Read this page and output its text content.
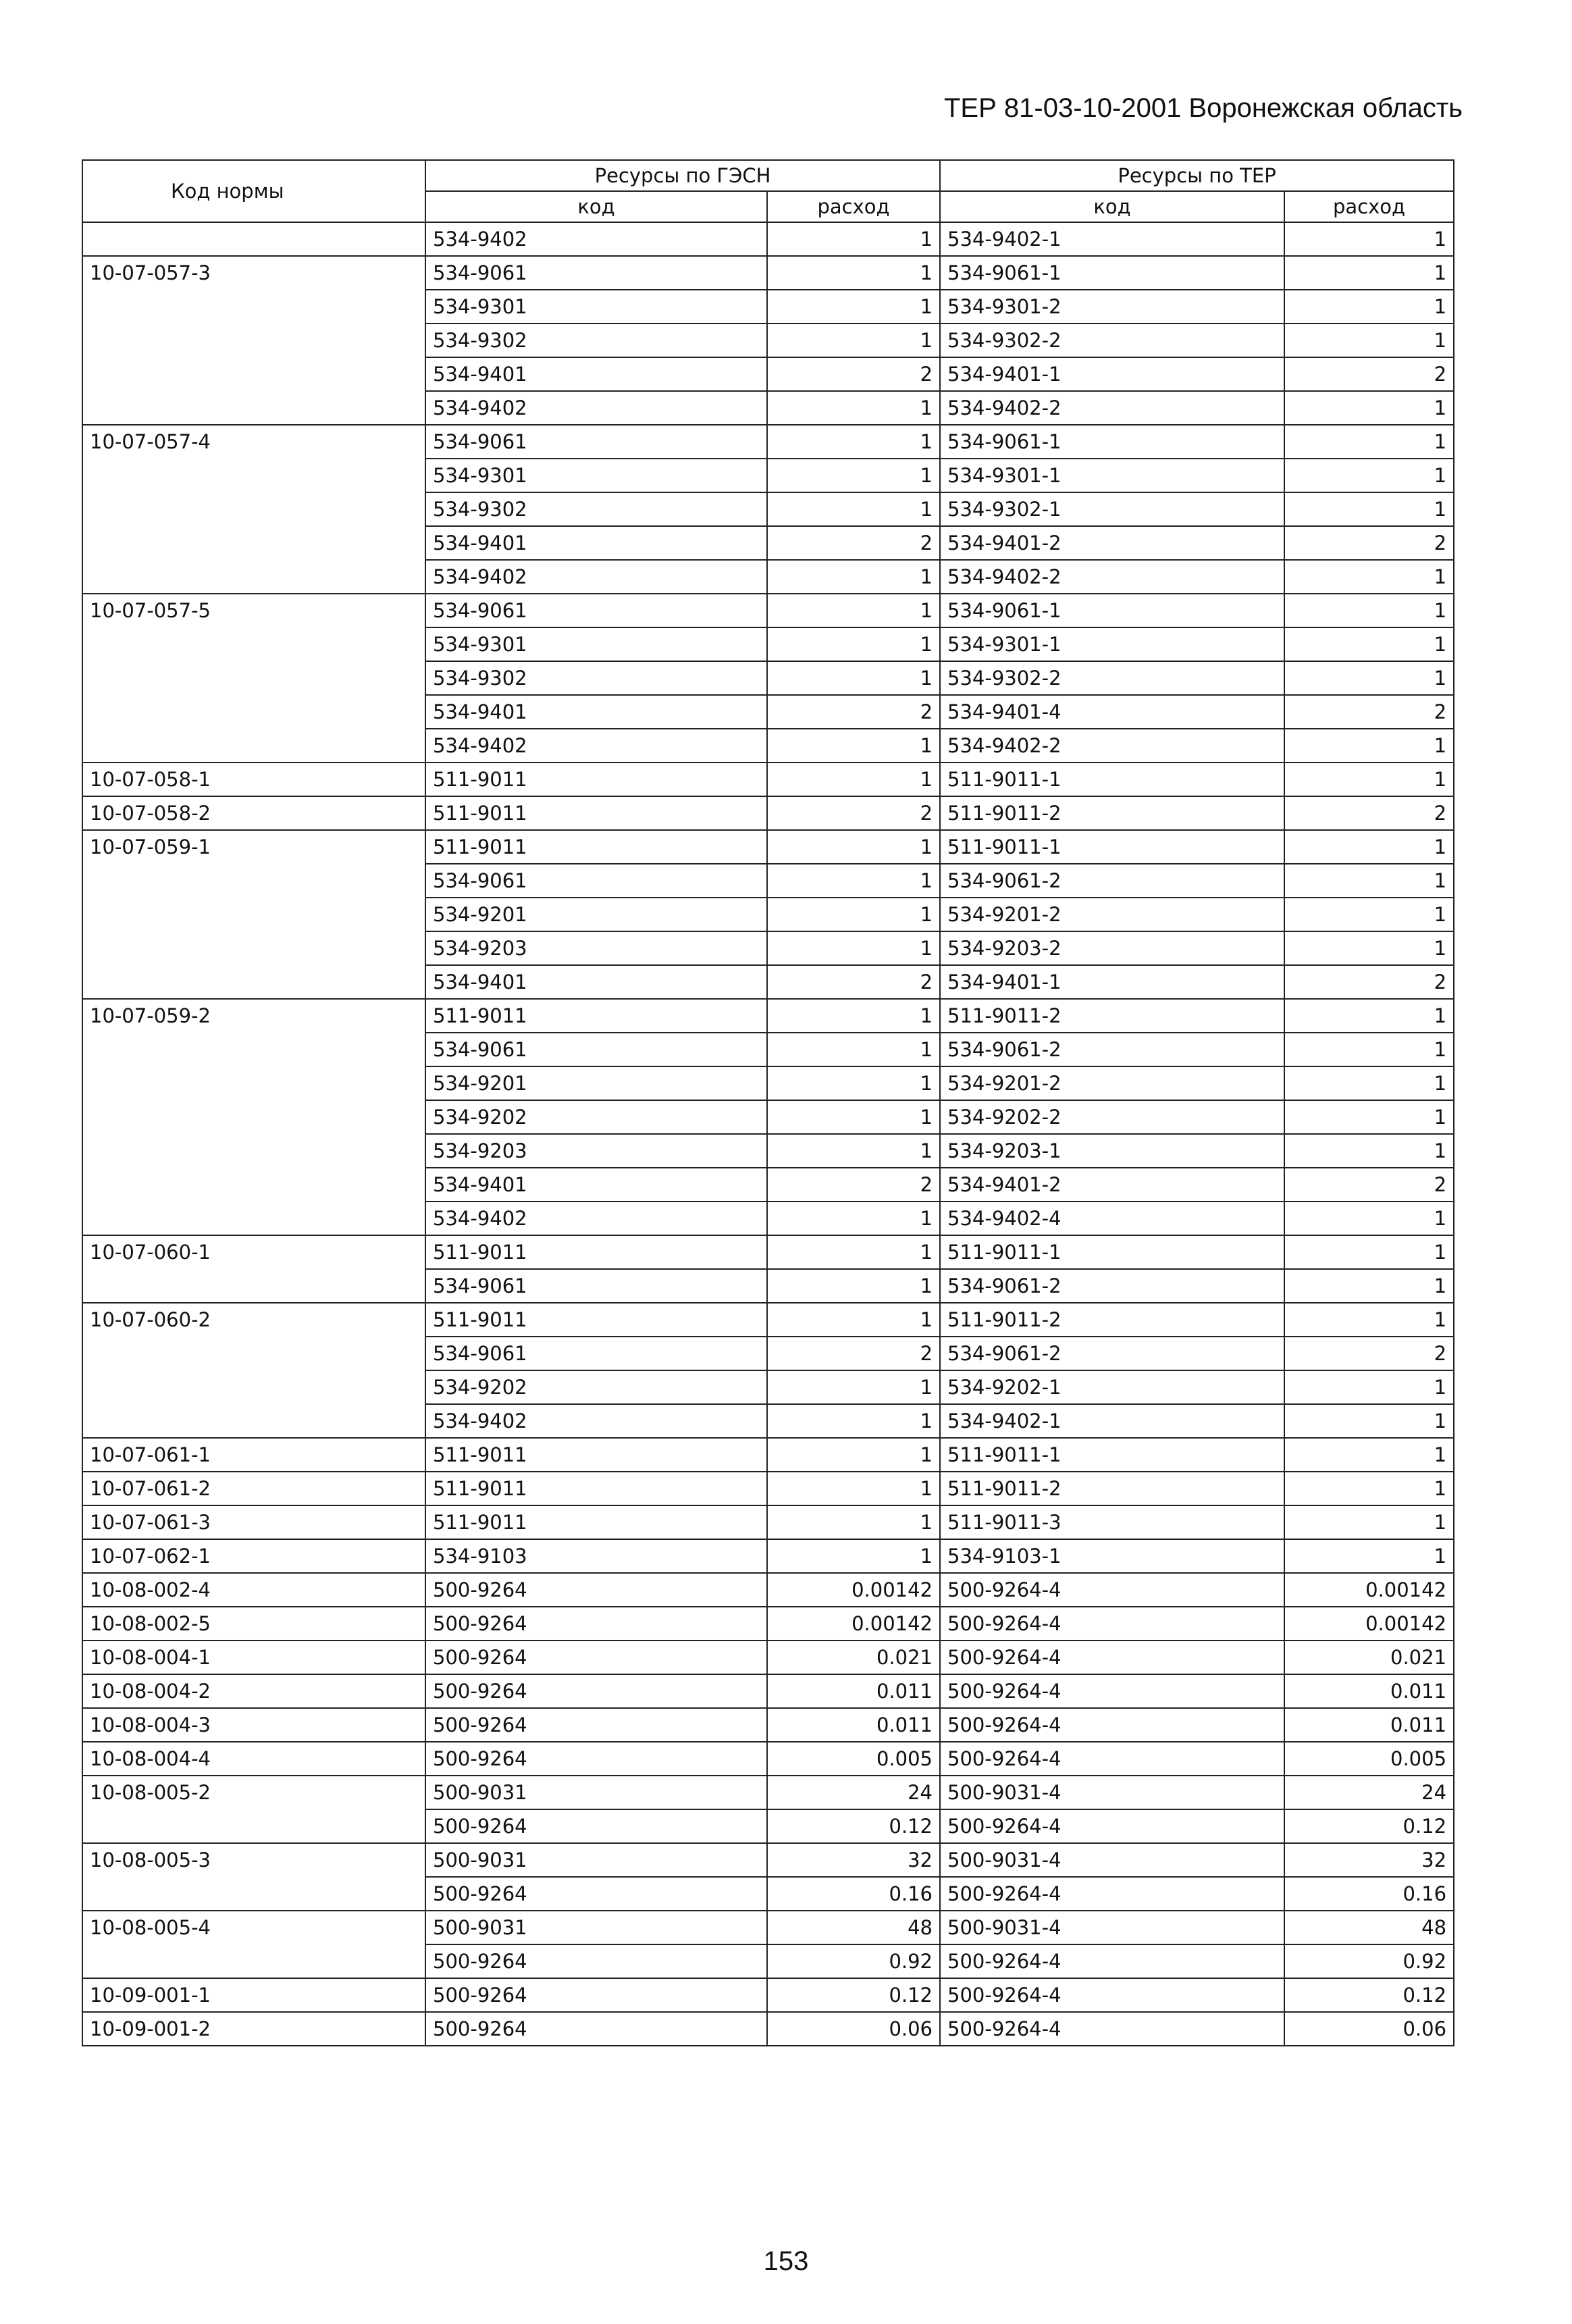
ТЕР 81-03-10-2001 Воронежская область
Код нормы	Ресурсы по ГЭСН		Ресурсы по ТЕР	
	код	расход	код	расход
	534-9402	1	534-9402-1	1
10-07-057-3	534-9061	1	534-9061-1	1
	534-9301	1	534-9301-2	1
	534-9302	1	534-9302-2	1
	534-9401	2	534-9401-1	2
	534-9402	1	534-9402-2	1
10-07-057-4	534-9061	1	534-9061-1	1
	534-9301	1	534-9301-1	1
	534-9302	1	534-9302-1	1
	534-9401	2	534-9401-2	2
	534-9402	1	534-9402-2	1
10-07-057-5	534-9061	1	534-9061-1	1
	534-9301	1	534-9301-1	1
	534-9302	1	534-9302-2	1
	534-9401	2	534-9401-4	2
	534-9402	1	534-9402-2	1
10-07-058-1	511-9011	1	511-9011-1	1
10-07-058-2	511-9011	2	511-9011-2	2
10-07-059-1	511-9011	1	511-9011-1	1
	534-9061	1	534-9061-2	1
	534-9201	1	534-9201-2	1
	534-9203	1	534-9203-2	1
	534-9401	2	534-9401-1	2
10-07-059-2	511-9011	1	511-9011-2	1
	534-9061	1	534-9061-2	1
	534-9201	1	534-9201-2	1
	534-9202	1	534-9202-2	1
	534-9203	1	534-9203-1	1
	534-9401	2	534-9401-2	2
	534-9402	1	534-9402-4	1
10-07-060-1	511-9011	1	511-9011-1	1
	534-9061	1	534-9061-2	1
10-07-060-2	511-9011	1	511-9011-2	1
	534-9061	2	534-9061-2	2
	534-9202	1	534-9202-1	1
	534-9402	1	534-9402-1	1
10-07-061-1	511-9011	1	511-9011-1	1
10-07-061-2	511-9011	1	511-9011-2	1
10-07-061-3	511-9011	1	511-9011-3	1
10-07-062-1	534-9103	1	534-9103-1	1
10-08-002-4	500-9264	0.00142	500-9264-4	0.00142
10-08-002-5	500-9264	0.00142	500-9264-4	0.00142
10-08-004-1	500-9264	0.021	500-9264-4	0.021
10-08-004-2	500-9264	0.011	500-9264-4	0.011
10-08-004-3	500-9264	0.011	500-9264-4	0.011
10-08-004-4	500-9264	0.005	500-9264-4	0.005
10-08-005-2	500-9031	24	500-9031-4	24
	500-9264	0.12	500-9264-4	0.12
10-08-005-3	500-9031	32	500-9031-4	32
	500-9264	0.16	500-9264-4	0.16
10-08-005-4	500-9031	48	500-9031-4	48
	500-9264	0.92	500-9264-4	0.92
10-09-001-1	500-9264	0.12	500-9264-4	0.12
10-09-001-2	500-9264	0.06	500-9264-4	0.06
153
